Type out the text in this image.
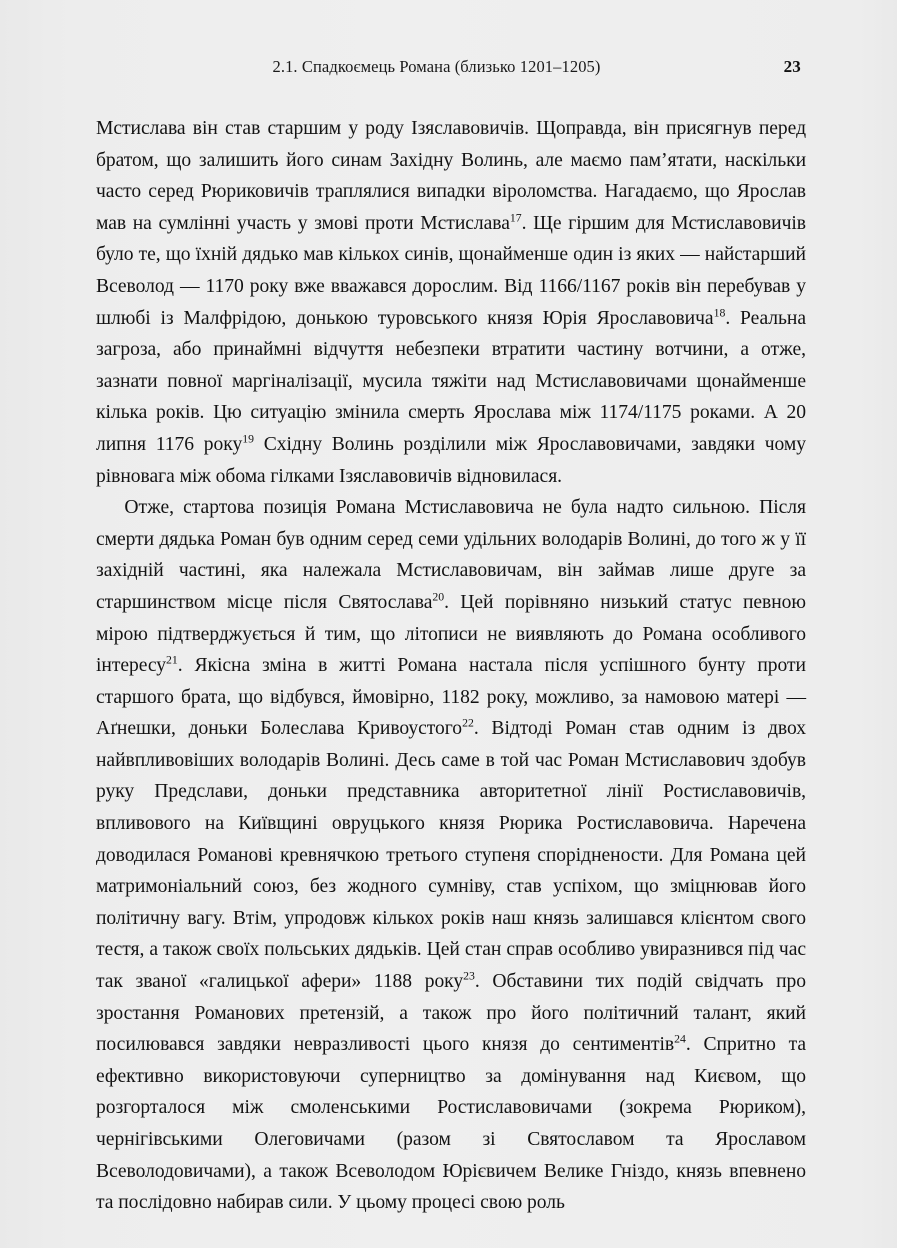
2.1. Спадкоємець Романа (близько 1201–1205)	23

Мстислава він став старшим у роду Ізяславовичів. Щоправда, він присягнув перед братом, що залишить його синам Західну Волинь, але маємо пам’ятати, наскільки часто серед Рюриковичів траплялися випадки віроломства. Нагадаємо, що Ярослав мав на сумлінні участь у змові проти Мстислава$^{17}$. Ще гіршим для Мстиславовичів було те, що їхній дядько мав кількох синів, щонайменше один із яких — найстарший Всеволод — 1170 року вже вважався дорослим. Від 1166/1167 років він перебував у шлюбі із Малфрідою, донькою туровського князя Юрія Ярославовича$^{18}$. Реальна загроза, або принаймні відчуття небезпеки втратити частину вотчини, а отже, зазнати повної маргіналізації, мусила тяжіти над Мстиславовичами щонайменше кілька років. Цю ситуацію змінила смерть Ярослава між 1174/1175 роками. А 20 липня 1176 року$^{19}$ Східну Волинь розділили між Ярославовичами, завдяки чому рівновага між обома гілками Ізяславовичів відновилася.

Отже, стартова позиція Романа Мстиславовича не була надто сильною. Після смерти дядька Роман був одним серед семи удільних володарів Волині, до того ж у її західній частині, яка належала Мстиславовичам, він займав лише друге за старшинством місце після Святослава$^{20}$. Цей порівняно низький статус певною мірою підтверджується й тим, що літописи не виявляють до Романа особливого інтересу$^{21}$. Якісна зміна в житті Романа настала після успішного бунту проти старшого брата, що відбувся, ймовірно, 1182 року, можливо, за намовою матері — Аґнешки, доньки Болеслава Кривоустого$^{22}$. Відтоді Роман став одним із двох найвпливовіших володарів Волині. Десь саме в той час Роман Мстиславович здобув руку Предслави, доньки представника авторитетної лінії Ростиславовичів, впливового на Київщині овруцького князя Рюрика Ростиславовича. Наречена доводилася Романові кревнячкою третього ступеня споріднености. Для Романа цей матримоніальний союз, без жодного сумніву, став успіхом, що зміцнював його політичну вагу. Втім, упродовж кількох років наш князь залишався клієнтом свого тестя, а також своїх польських дядьків. Цей стан справ особливо увиразнився під час так званої «галицької афери» 1188 року$^{23}$. Обставини тих подій свідчать про зростання Романових претензій, а також про його політичний талант, який посилювався завдяки невразливості цього князя до сентиментів$^{24}$. Спритно та ефективно використовуючи суперництво за домінування над Києвом, що розгорталося між смоленськими Ростиславовичами (зокрема Рюриком), чернігівськими Олеговичами (разом зі Святославом та Ярославом Всеволодовичами), а також Всеволодом Юрієвичем Велике Гніздо, князь впевнено та послідовно набирав сили. У цьому процесі свою роль
